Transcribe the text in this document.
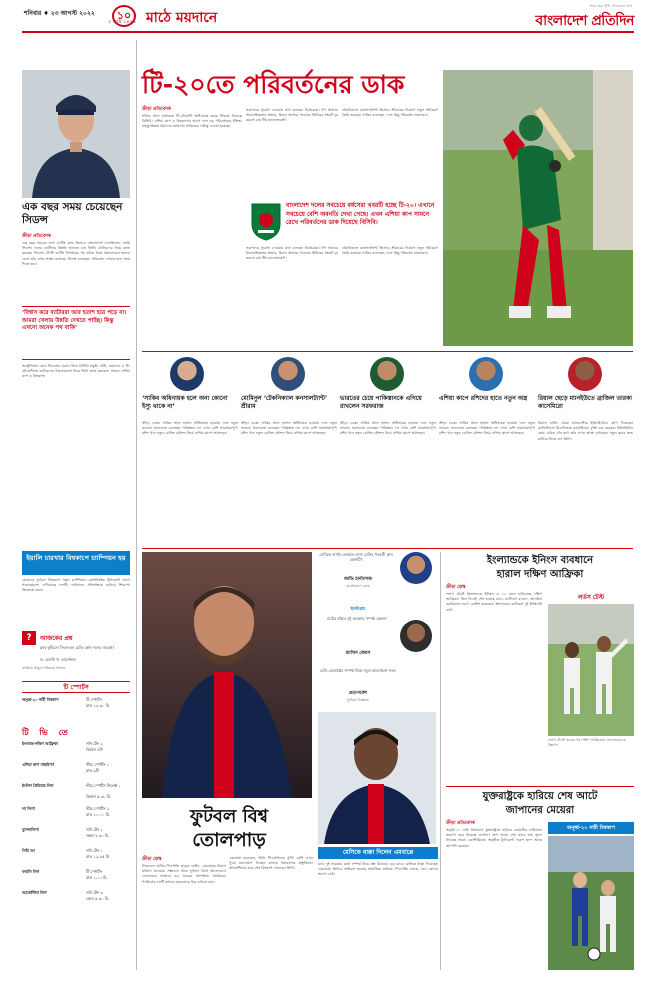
শনিবার ♦ ২৩ আগস্ট ২০২২
৫ ভাদ্র ১৪২৯
১০	মাঠে ময়দানে
সাত বছর পূর্তি, সাফল্যের পথে
বাংলাদেশ প্রতিদিন
এক বছর সময় চেয়েছেন সিডন্স
ক্রীড়া প্রতিবেদক
এক বছর সময়ের জন্য ব্যাটিং কোচ হিসেবে বাংলাদেশে এসেছিলেন জেমি সিডন্স। দলের ব্যাটিংয়ে উন্নতি আনতে চান তিনি। ব্যাটারদের নিয়ে কাজ করছেন সিডন্স। টেস্টে ব্যাটিং বিপর্যয়ের পর তাঁকে নিয়ে সমালোচনা হলেও বোর্ড তাঁর ওপর আস্থা রেখেছে। সিডন্স বলেছেন, পরিবর্তন দেখতে হলে সময় দিতে হবে।
‘বিশ্বাস করে ব্যাটাররা আর হতাশ হয়ে পড়ে না। আমরা খেলায় উন্নতি দেখতে পাচ্ছি। কিন্তু এখনো অনেক পথ বাকি’
অস্ট্রেলিয়ান কোচ সিডন্সের মেয়াদ নিয়ে বিসিবি সন্তুষ্ট। টেস্ট, ওয়ানডে ও টি-টোয়েন্টিতে ব্যাটারদের পারফরম্যান্স নিয়ে তিনি কাজ করছেন। সামনে এশিয়া কাপ ও বিশ্বকাপ।
ইয়ালি চারখার বিশ্বকাপে চ্যাম্পিয়ন হয়
মেয়েদের ফুটবল বিশ্বকাপে নতুন চ্যাম্পিয়ন। বয়সভিত্তিক টুর্নামেন্টে দারুণ পারফরম্যান্স দেখিয়েছে দলটি। ফাইনালে প্রতিপক্ষকে হারিয়ে শিরোপা জিতেছে তারা।
?	আজকের প্রশ্ন
ক্লাব ফুটবলে সিএনএল চেকি কোন দলের তারকা?
ক. চেলসি খ. আর্সেনাল
তাকিয়ে থাকুন পত্রিকার পাতায়
টি স্পোর্টস
টি ভি তে
অনূর্ধ্ব-২০ নারী বিশ্বকাপ	টি স্পোর্টস
রাত ১২-৩০ মি.
ইংল্যান্ড-দক্ষিণ আফ্রিকা	সনি টেন ২
বিকাল ৪টা
এশিয়া কাপ বাছাইপর্ব	স্টার স্পোর্টস ১
রাত ৯টা
ইংলিশ প্রিমিয়ার লিগ	স্টার স্পোর্টস সিলেক্ট ১
বিকাল ৫-৩০ মি.
লা লিগা	স্টার স্পোর্টস ২
রাত ১০-০০ মি.
বুন্দেসলিগা	সনি টেন ২
সন্ধ্যা ৭-৩০ মি.
সিরি আ	সনি টেন ১
রাত ১২-৪৫ মি.
ফরাসি লিগ	টি স্পোর্টস
রাত ১-০০ মি.
আর্জেন্টিনা লিগ	সনি টেন ৩
ভোর ৫-৩০ মি.
টি-২০তে পরিবর্তনের ডাক
ক্রীড়া প্রতিবেদক
শাকিব আল হাসানকে টি-টোয়েন্টি অধিনায়ক করার সিদ্ধান্ত নিয়েছে বিসিবি। এশিয়া কাপ ও বিশ্বকাপের আগে দলে বড় পরিবর্তনের ইঙ্গিত। মাহমুদউল্লাহ রিয়াদের জায়গায় সাকিবকে দায়িত্ব দেওয়া হয়েছে।
তরুণদের সুযোগ দেওয়ার কথা বলছেন নির্বাচকরা। টপ অর্ডারে ধারাবাহিকতার অভাব, মিডল অর্ডারে পাওয়ার হিটারের সংকট দূর করতে চায় টিম ম্যানেজমেন্ট।
টেকনিক্যাল কনসালট্যান্ট হিসেবে শ্রীরামের নিয়োগ নতুন সমীকরণ তৈরি করেছে। সাকিব বলেছেন, দলে কিছু পরিবর্তন প্রয়োজন।
বাংলাদেশ দলের সবচেয়ে বর্ষসেরা খবরটি হচ্ছে টি-২০। এখানে সবচেয়ে বেশি অবনতি দেখা গেছে। এখন এশিয়া কাপ সামনে রেখে পরিবর্তনের ডাক দিয়েছে বিসিবি।
তরুণদের সুযোগ দেওয়ার কথা বলছেন নির্বাচকরা। টপ অর্ডারে ধারাবাহিকতার অভাব, মিডল অর্ডারে পাওয়ার হিটারের সংকট দূর করতে চায় টিম ম্যানেজমেন্ট।
টেকনিক্যাল কনসালট্যান্ট হিসেবে শ্রীরামের নিয়োগ নতুন সমীকরণ তৈরি করেছে। সাকিব বলেছেন, দলে কিছু পরিবর্তন প্রয়োজন।
‘সাকিব অধিনায়ক হলে অন্য কোনো ইস্যু থাকে না’
ক্রীড়া ডেস্ক। সাকিব আল হাসান অধিনায়ক হওয়ায় দলে নতুন ভাবনা। সরফরাজ বলেছেন পাকিস্তান দল এখন বেশি ভারসাম্যপূর্ণ। রশিদ খান নতুন বোলিং কৌশল নিয়ে এশিয়া কাপে আসছেন।
মোমিনুল ‘টেকনিক্যাল কনসালট্যান্ট’ শ্রীরাম
ক্রীড়া ডেস্ক। সাকিব আল হাসান অধিনায়ক হওয়ায় দলে নতুন ভাবনা। সরফরাজ বলেছেন পাকিস্তান দল এখন বেশি ভারসাম্যপূর্ণ। রশিদ খান নতুন বোলিং কৌশল নিয়ে এশিয়া কাপে আসছেন।
ভারতের চেয়ে পাকিস্তানকে এগিয়ে রাখলেন সরফরাজ
ক্রীড়া ডেস্ক। সাকিব আল হাসান অধিনায়ক হওয়ায় দলে নতুন ভাবনা। সরফরাজ বলেছেন পাকিস্তান দল এখন বেশি ভারসাম্যপূর্ণ। রশিদ খান নতুন বোলিং কৌশল নিয়ে এশিয়া কাপে আসছেন।
এশিয়া কাপে রশিদের হাতে নতুন অস্ত্র
ক্রীড়া ডেস্ক। সাকিব আল হাসান অধিনায়ক হওয়ায় দলে নতুন ভাবনা। সরফরাজ বলেছেন পাকিস্তান দল এখন বেশি ভারসাম্যপূর্ণ। রশিদ খান নতুন বোলিং কৌশল নিয়ে এশিয়া কাপে আসছেন।
রিয়াল ছেড়ে ম্যানইউতে ব্রাজিল তারকা কাসেমিরো
রিয়াল মাদ্রিদ থেকে ম্যানচেস্টার ইউনাইটেডে যোগ দিয়েছেন ব্রাজিলিয়ান মিডফিল্ডার কাসেমিরো। চুক্তি চার বছরের। ইউনাইটেড কোচ এরিক টেন হাগ তাঁর ওপর আস্থা রাখছেন। নতুন ক্লাবে দ্রুত মানিয়ে নিতে চান তিনি।
ফুটবল বিশ্ব
তোলপাড়
ক্রীড়া ডেস্ক
লিওনেল মেসির পিএসজি ছাড়ার গুঞ্জন, এমবাপ্পের রিয়াল মাদ্রিদে যাওয়ার সম্ভাবনা নিয়ে ফুটবল বিশ্বে আলোচনা। দলবদলের বাজারে বড় খবরের অপেক্ষায় সমর্থকরা। প্যারিসের দলটি তাদের তারকাদের ধরে রাখতে চায়।
এমবাপ্পে বলেছেন, তিনি পিএসজিতে সুখী। মেসি এখন পুরো মনোযোগ দিচ্ছেন কাতার বিশ্বকাপের প্রস্তুতিতে। আর্জেন্টিনার হয়ে শেষ বিশ্বকাপ খেলবেন তিনি।
মেসিকে বার্সায় ফেরাতে চান? মেসির পরবর্তী ক্লাব কোনটি?
জাভি হার্নান্দেজ
বার্সেলোনা কোচ
ইনস্টাগ্রাম
মাঠের বাইরে দুই তারকার সম্পর্ক কেমন?
ম্যাথিস জেমস
মেসি-এমবাপ্পের সম্পর্ক নিয়ে নতুন আলোচনা শুরু।
প্রতাপকেশ
ফুটবল বিশ্লেষক
মেসিকে ধাক্কা দিলেন এমবাপ্পে
মাঠে দুই তারকার মধ্যে সম্পর্ক নিয়ে প্রশ্ন উঠেছে। এক ম্যাচে মেসিকে ধাক্কা দিয়েছেন এমবাপ্পে। ভিডিও ভাইরাল হয়েছে সামাজিক মাধ্যমে। পিএসজি বলছে, দলে কোনো সমস্যা নেই।
ইংল্যান্ডকে ইনিংস ব্যবধানে
হারাল দক্ষিণ আফ্রিকা
ক্রীড়া ডেস্ক
লর্ডস টেস্টে ইংল্যান্ডকে ইনিংস ও ১২ রানে হারিয়েছে দক্ষিণ আফ্রিকা। তিন দিনেই শেষ হয়েছে ম্যাচ। কাগিসো রাবাদা, আনরিখ নরকিয়ারা দারুণ বোলিং করেছেন। ইংল্যান্ডের ব্যাটাররা দুই ইনিংসেই ব্যর্থ।
লর্ডস টেস্ট
লর্ডস টেস্টে জয়ের পর দক্ষিণ আফ্রিকার খেলোয়াড়দের উল্লাস।
যুক্তরাষ্ট্রকে হারিয়ে শেষ আটে
জাপানের মেয়েরা
ক্রীড়া প্রতিবেদক
অনূর্ধ্ব-২০ নারী বিশ্বকাপে যুক্তরাষ্ট্রকে হারিয়ে কোয়ার্টার ফাইনালে জায়গা করে নিয়েছে জাপান। গ্রুপ পর্বের শেষ ম্যাচে জয় তুলে নিয়েছে তারা। কোস্টারিকায় অনুষ্ঠিত টুর্নামেন্টে দারুণ ছন্দে আছে জাপানি মেয়েরা।
অনূর্ধ্ব-২০ নারী বিশ্বকাপ
